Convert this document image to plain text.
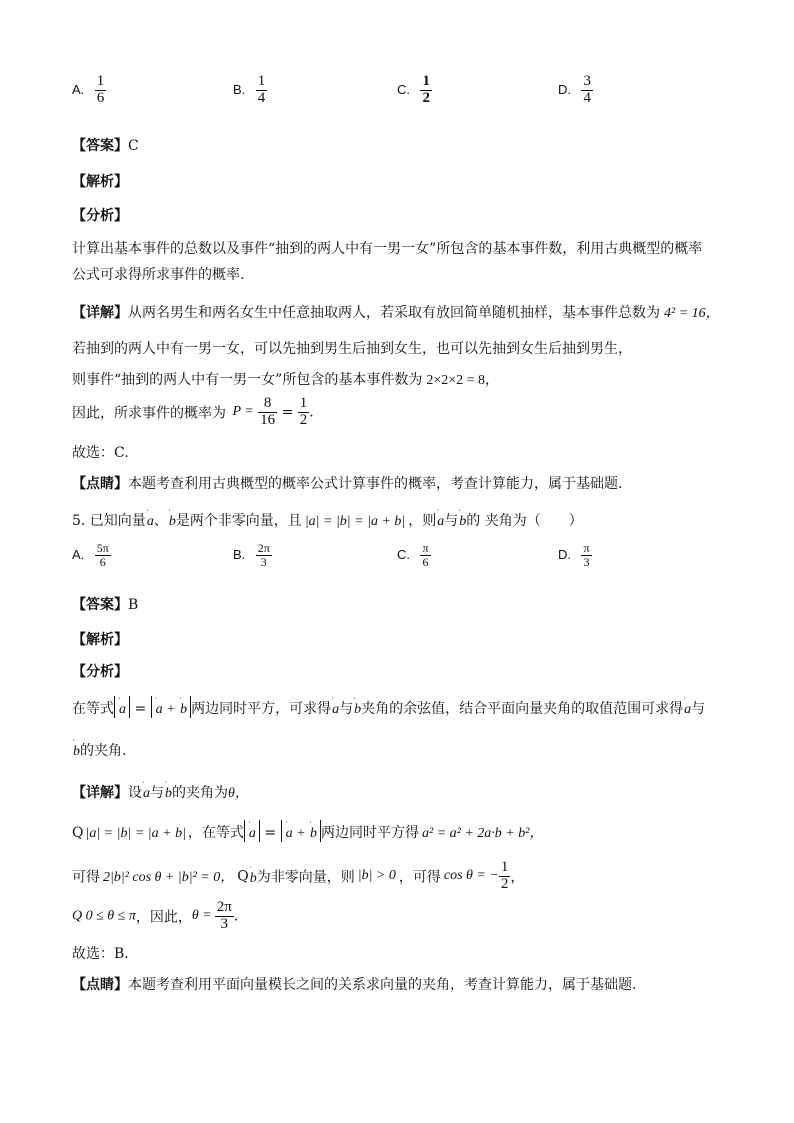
A. $\frac{1}{6}$	B. $\frac{1}{4}$	C. $\frac{1}{2}$	D. $\frac{3}{4}$
【答案】C
【解析】
【分析】
计算出基本事件的总数以及事件“抽到的两人中有一男一女”所包含的基本事件数，利用古典概型的概率
公式可求得所求事件的概率.
【详解】从两名男生和两名女生中任意抽取两人，若采取有放回简单随机抽样，基本事件总数为 4² = 16，
若抽到的两人中有一男一女，可以先抽到男生后抽到女生，也可以先抽到女生后抽到男生，
则事件“抽到的两人中有一男一女”所包含的基本事件数为 2×2×2 = 8，
因此，所求事件的概率为 $P = \frac{8}{16} = \frac{1}{2}$ .
故选：C.
【点睛】本题考查利用古典概型的概率公式计算事件的概率，考查计算能力，属于基础题.
5. 已知向量$^ˈ$a、$^ˈ$b是两个非零向量，且 |a| = |b| = |a + b| ，则$^ˈ$a与$^ˈ$b的 夹角为（　　）
A. $\frac{5\pi}{6}$	B. $\frac{2\pi}{3}$	C. $\frac{\pi}{6}$	D. $\frac{\pi}{3}$
【答案】B
【解析】
【分析】
在等式 $^ˈ$a = $^ˈ$a + $^ˈ$b 两边同时平方，可求得$^ˈ$a与$^ˈ$b夹角的余弦值，结合平面向量夹角的取值范围可求得$^ˈ$a与
$^ˈ$b的夹角.
【详解】设$^ˈ$a与$^ˈ$b的夹角为θ，
Q |a| = |b| = |a + b| ，在等式 $^ˈ$a = $^ˈ$a + $^ˈ$b 两边同时平方得 a² = a² + 2a·b + b²，
可得 2|b|² cos θ + |b|² = 0， $Q^ˈb$为非零向量，则 |b| > 0 ，可得 cos θ = − $\frac{1}{2}$ ，
Q 0 ≤ θ ≤ π，因此，$\theta = \frac{2\pi}{3}$ .
故选：B.
【点睛】本题考查利用平面向量模长之间的关系求向量的夹角，考查计算能力，属于基础题.
